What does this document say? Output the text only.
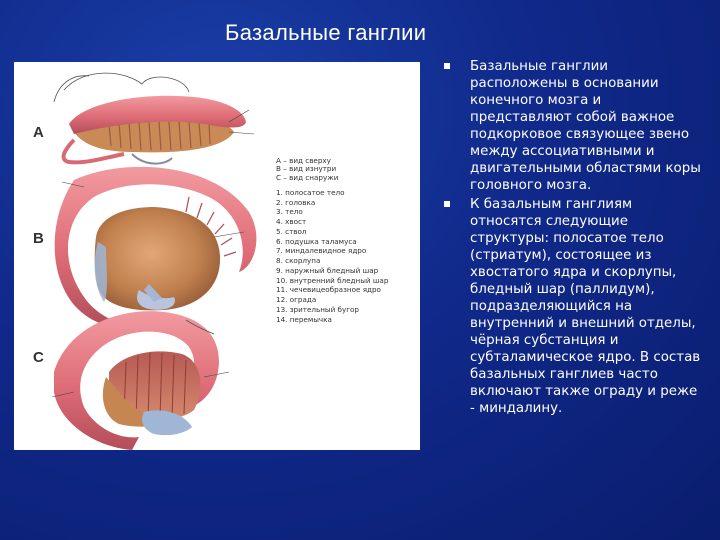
Базальные ганглии
A
B
C
A – вид сверху
B – вид изнутри
C – вид снаружи
1. полосатое тело
2. головка
3. тело
4. хвост
5. ствол
6. подушка таламуса
7. миндалевидное ядро
8. скорлупа
9. наружный бледный шар
10. внутренний бледный шар
11. чечевицеобразное ядро
12. ограда
13. зрительный бугор
14. перемычка
Базальные ганглии расположены в основании конечного мозга и представляют собой важное подкорковое связующее звено между ассоциативными и двигательными областями коры головного мозга.
К базальным ганглиям относятся следующие структуры: полосатое тело (стриатум), состоящее из хвостатого ядра и скорлупы, бледный шар (паллидум), подразделяющийся на внутренний и внешний отделы, чёрная субстанция и субталамическое ядро. В состав базальных ганглиев часто включают также ограду и реже - миндалину.
